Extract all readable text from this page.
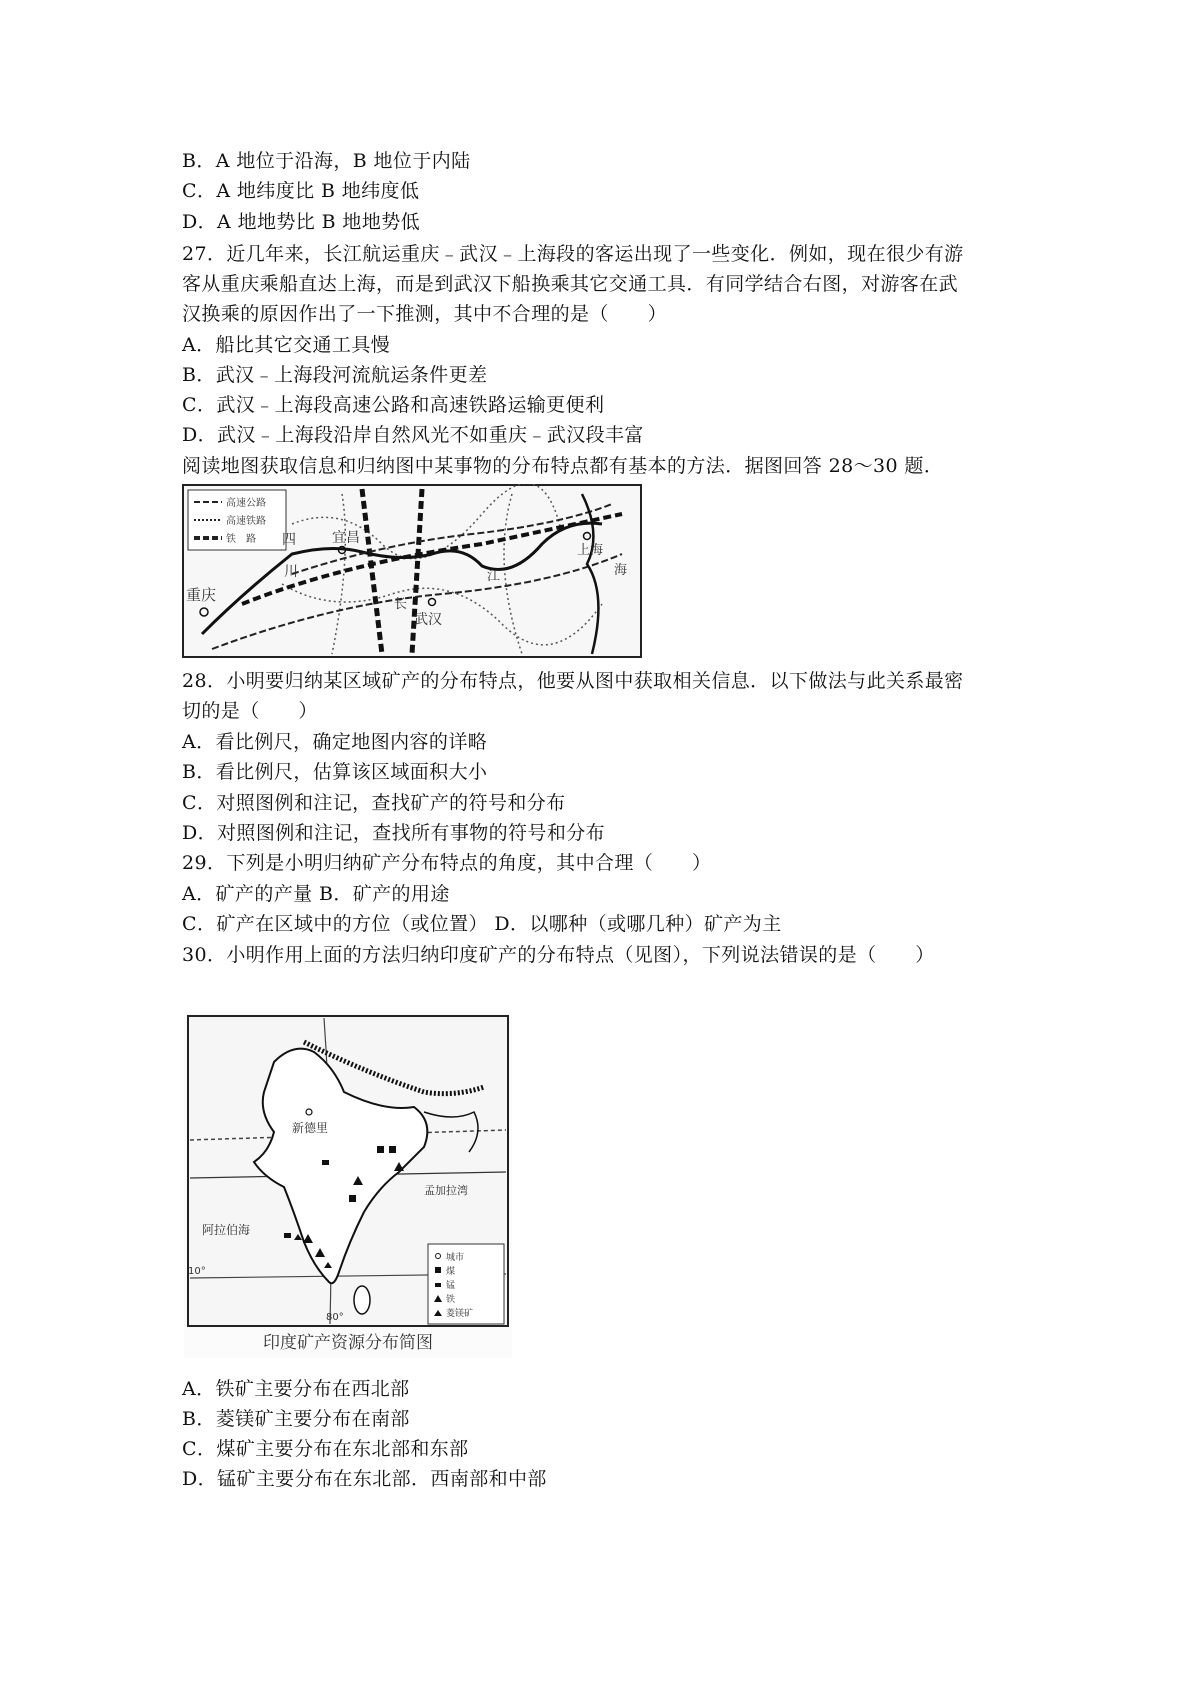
B．A 地位于沿海，B 地位于内陆
C．A 地纬度比 B 地纬度低
D．A 地地势比 B 地地势低
27．近几年来，长江航运重庆﹣武汉﹣上海段的客运出现了一些变化．例如，现在很少有游
客从重庆乘船直达上海，而是到武汉下船换乘其它交通工具．有同学结合右图，对游客在武
汉换乘的原因作出了一下推测，其中不合理的是（　　）
A．船比其它交通工具慢
B．武汉﹣上海段河流航运条件更差
C．武汉﹣上海段高速公路和高速铁路运输更便利
D．武汉﹣上海段沿岸自然风光不如重庆﹣武汉段丰富
阅读地图获取信息和归纳图中某事物的分布特点都有基本的方法．据图回答 28～30 题．
高速公路
高速铁路
铁　路
重庆
宜昌
武汉
上海
四
川
长
江	海
28．小明要归纳某区域矿产的分布特点，他要从图中获取相关信息．以下做法与此关系最密
切的是（　　）
A．看比例尺，确定地图内容的详略
B．看比例尺，估算该区域面积大小
C．对照图例和注记，查找矿产的符号和分布
D．对照图例和注记，查找所有事物的符号和分布
29．下列是小明归纳矿产分布特点的角度，其中合理（　　）
A．矿产的产量 B．矿产的用途
C．矿产在区域中的方位（或位置） D．以哪种（或哪几种）矿产为主
30．小明作用上面的方法归纳印度矿产的分布特点（见图），下列说法错误的是（　　）
新德里
孟加拉湾
阿拉伯海
10°
80°
城市
煤
锰
铁
菱镁矿
印度矿产资源分布简图
A．铁矿主要分布在西北部
B．菱镁矿主要分布在南部
C．煤矿主要分布在东北部和东部
D．锰矿主要分布在东北部．西南部和中部
